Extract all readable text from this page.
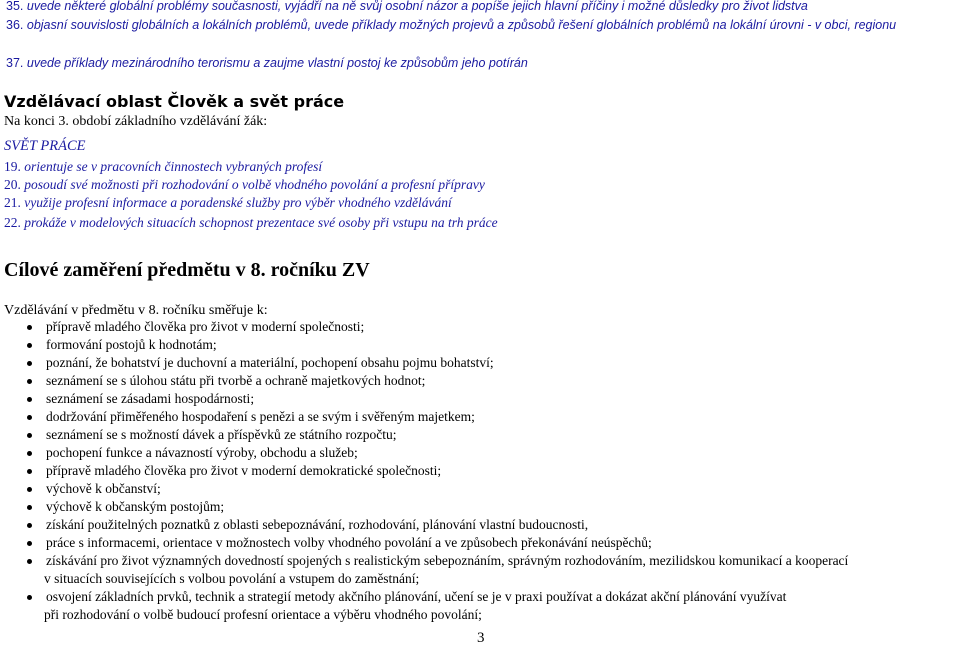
35. uvede některé globální problémy současnosti, vyjádří na ně svůj osobní názor a popíše jejich hlavní příčiny i možné důsledky pro život lidstva
36. objasní souvislosti globálních a lokálních problémů, uvede příklady možných projevů a způsobů řešení globálních problémů na lokální úrovni - v obci, regionu
37. uvede příklady mezinárodního terorismu a zaujme vlastní postoj ke způsobům jeho potírán
Vzdělávací oblast Člověk a svět práce
Na konci 3. období základního vzdělávání žák:
SVĚT PRÁCE
19. orientuje se v pracovních činnostech vybraných profesí
20. posoudí své možnosti při rozhodování o volbě vhodného povolání a profesní přípravy
21. využije profesní informace a poradenské služby pro výběr vhodného vzdělávání
22. prokáže v modelových situacích schopnost prezentace své osoby při vstupu na trh práce
Cílové zaměření předmětu v 8. ročníku ZV
Vzdělávání v předmětu v 8. ročníku směřuje k:
přípravě mladého člověka pro život v moderní společnosti;
formování postojů k hodnotám;
poznání, že bohatství je duchovní a materiální, pochopení obsahu pojmu bohatství;
seznámení se s úlohou státu při tvorbě a ochraně majetkových hodnot;
seznámení se zásadami hospodárnosti;
dodržování přiměřeného hospodaření s penězi a se svým i svěřeným majetkem;
seznámení se s možností dávek a příspěvků ze státního rozpočtu;
pochopení funkce a návazností výroby, obchodu a služeb;
přípravě mladého člověka pro život v moderní demokratické společnosti;
výchově k občanství;
výchově k občanským postojům;
získání použitelných poznatků z oblasti sebepoznávání, rozhodování, plánování vlastní budoucnosti,
práce s informacemi, orientace v možnostech volby vhodného povolání a ve způsobech překonávání neúspěchů;
získávání pro život významných dovedností spojených s realistickým sebepoznáním, správným rozhodováním, mezilidskou komunikací a kooperací
v situacích souvisejících s volbou povolání a vstupem do zaměstnání;
osvojení základních prvků, technik a strategií metody akčního plánování, učení se je v praxi používat a dokázat akční plánování využívat
při rozhodování o volbě budoucí profesní orientace a výběru vhodného povolání;
3
